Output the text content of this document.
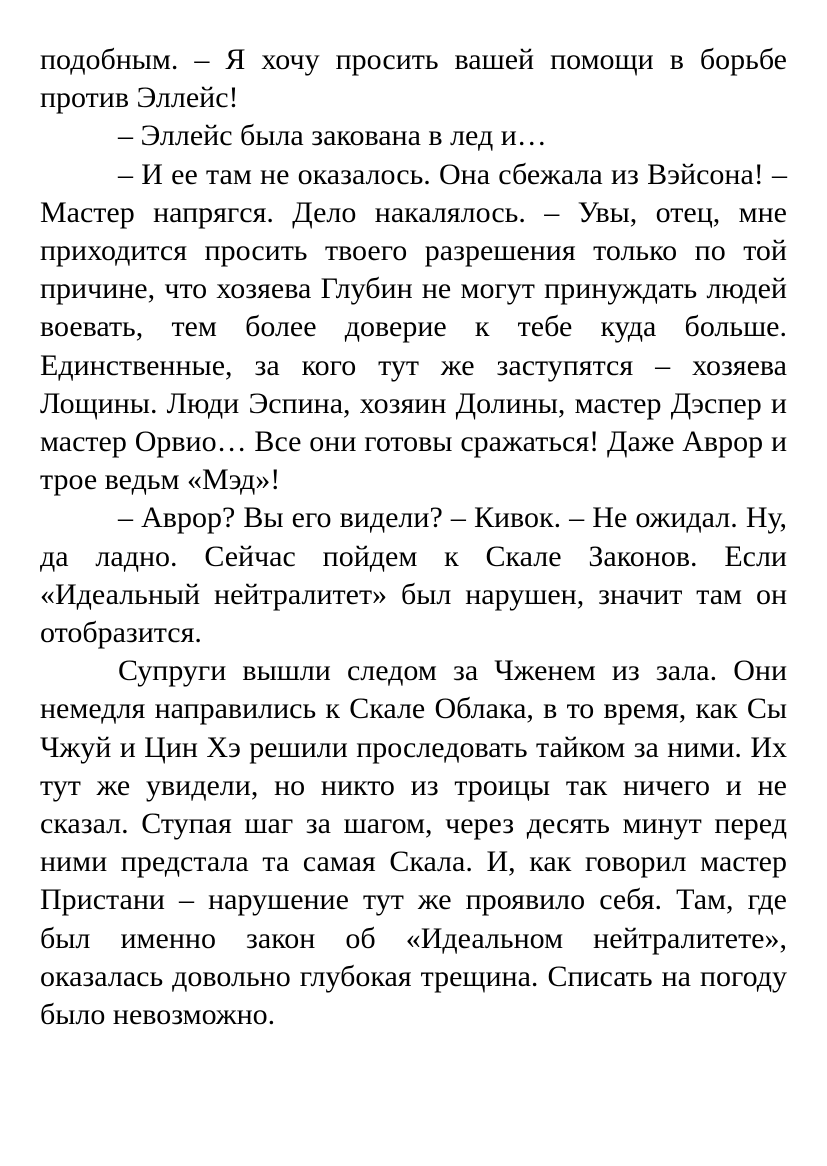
подобным. – Я хочу просить вашей помощи в борьбе против Эллейс!

– Эллейс была закована в лед и…

– И ее там не оказалось. Она сбежала из Вэйсона! – Мастер напрягся. Дело накалялось. – Увы, отец, мне приходится просить твоего разрешения только по той причине, что хозяева Глубин не могут принуждать людей воевать, тем более доверие к тебе куда больше. Единственные, за кого тут же заступятся – хозяева Лощины. Люди Эспина, хозяин Долины, мастер Дэспер и мастер Орвио… Все они готовы сражаться! Даже Аврор и трое ведьм «Мэд»!

– Аврор? Вы его видели? – Кивок. – Не ожидал. Ну, да ладно. Сейчас пойдем к Скале Законов. Если «Идеальный нейтралитет» был нарушен, значит там он отобразится.

Супруги вышли следом за Чженем из зала. Они немедля направились к Скале Облака, в то время, как Сы Чжуй и Цин Хэ решили проследовать тайком за ними. Их тут же увидели, но никто из троицы так ничего и не сказал. Ступая шаг за шагом, через десять минут перед ними предстала та самая Скала. И, как говорил мастер Пристани – нарушение тут же проявило себя. Там, где был именно закон об «Идеальном нейтралитете», оказалась довольно глубокая трещина. Списать на погоду было невозможно.
